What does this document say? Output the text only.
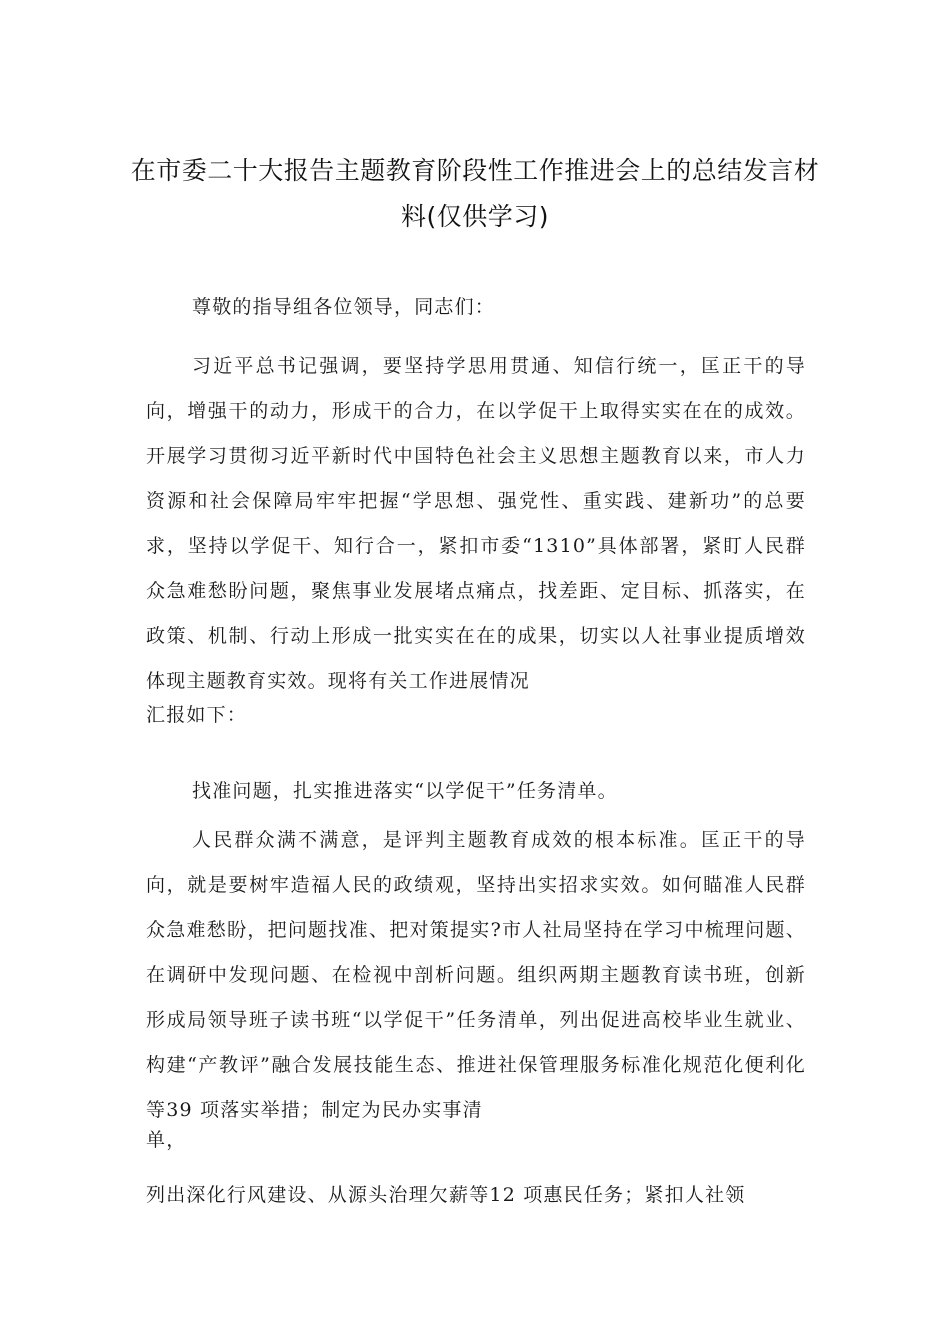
在市委二十大报告主题教育阶段性工作推进会上的总结发言材料(仅供学习)

尊敬的指导组各位领导，同志们：

习近平总书记强调，要坚持学思用贯通、知信行统一，匡正干的导向，增强干的动力，形成干的合力，在以学促干上取得实实在在的成效。开展学习贯彻习近平新时代中国特色社会主义思想主题教育以来，市人力资源和社会保障局牢牢把握“学思想、强党性、重实践、建新功”的总要求，坚持以学促干、知行合一，紧扣市委“1310”具体部署，紧盯人民群众急难愁盼问题，聚焦事业发展堵点痛点，找差距、定目标、抓落实，在政策、机制、行动上形成一批实实在在的成果，切实以人社事业提质增效体现主题教育实效。现将有关工作进展情况

汇报如下：

找准问题，扎实推进落实“以学促干”任务清单。

人民群众满不满意，是评判主题教育成效的根本标准。匡正干的导向，就是要树牢造福人民的政绩观，坚持出实招求实效。如何瞄准人民群众急难愁盼，把问题找准、把对策提实?市人社局坚持在学习中梳理问题、在调研中发现问题、在检视中剖析问题。组织两期主题教育读书班，创新形成局领导班子读书班“以学促干”任务清单，列出促进高校毕业生就业、构建“产教评”融合发展技能生态、推进社保管理服务标准化规范化便利化等39 项落实举措；制定为民办实事清

单，

列出深化行风建设、从源头治理欠薪等12 项惠民任务；紧扣人社领
